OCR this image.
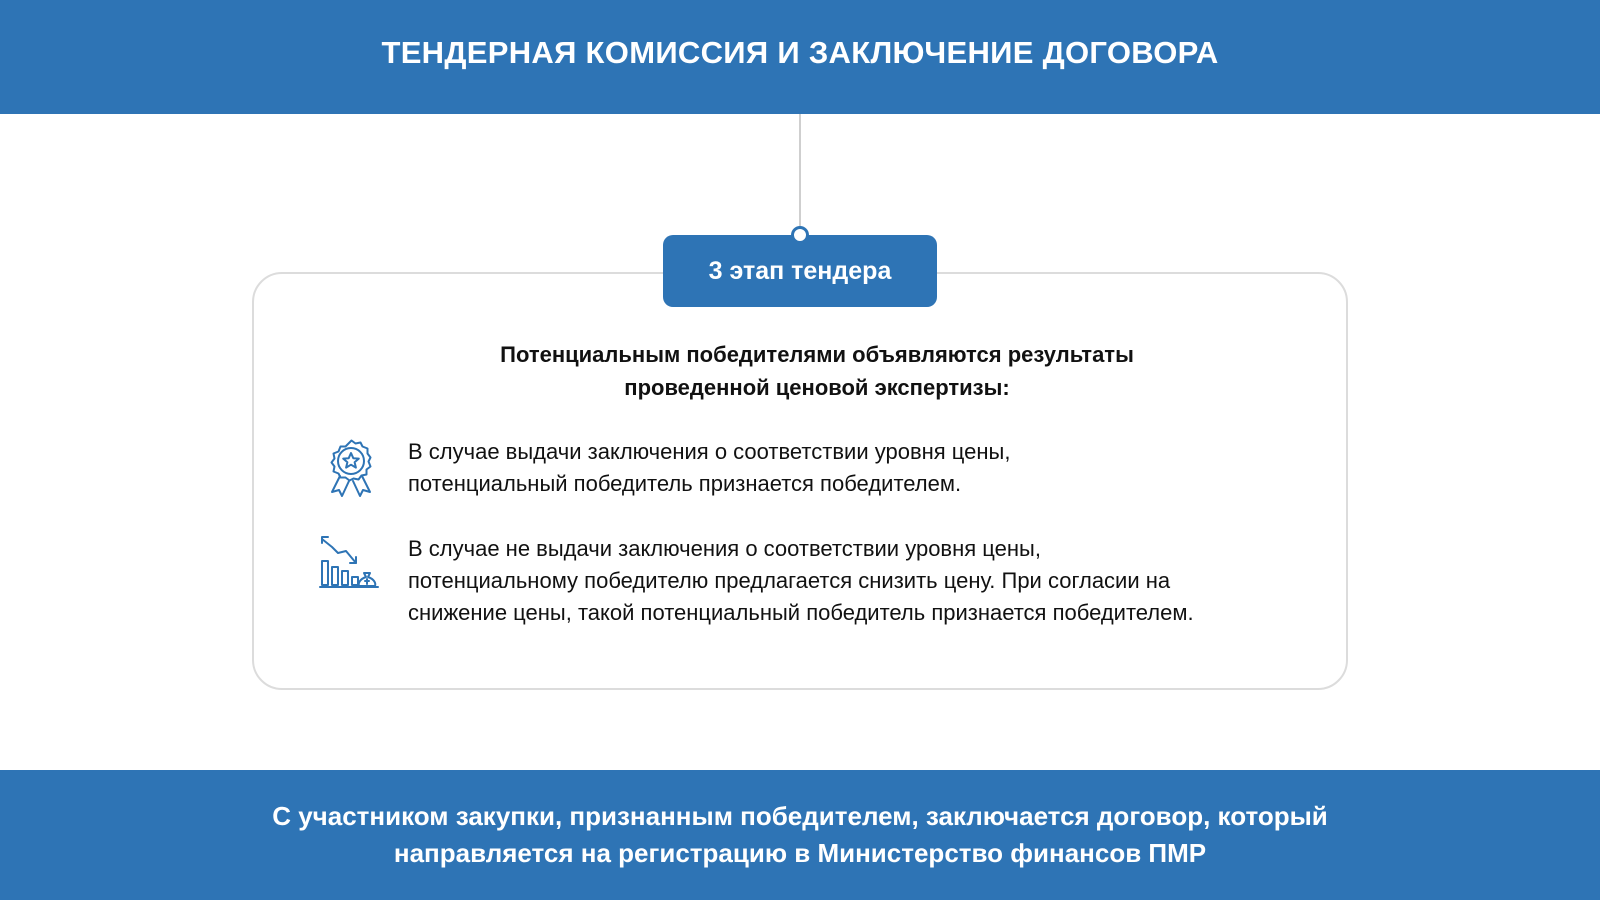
ТЕНДЕРНАЯ КОМИССИЯ И ЗАКЛЮЧЕНИЕ ДОГОВОРА
3 этап тендера
Потенциальным победителями объявляются результаты
проведенной ценовой экспертизы:
В случае выдачи заключения о соответствии уровня цены,
потенциальный победитель признается победителем.
В случае не выдачи заключения о соответствии уровня цены,
потенциальному победителю предлагается снизить цену. При согласии на
снижение цены, такой потенциальный победитель признается победителем.
С участником закупки, признанным победителем, заключается договор, который
направляется на регистрацию в Министерство финансов ПМР
